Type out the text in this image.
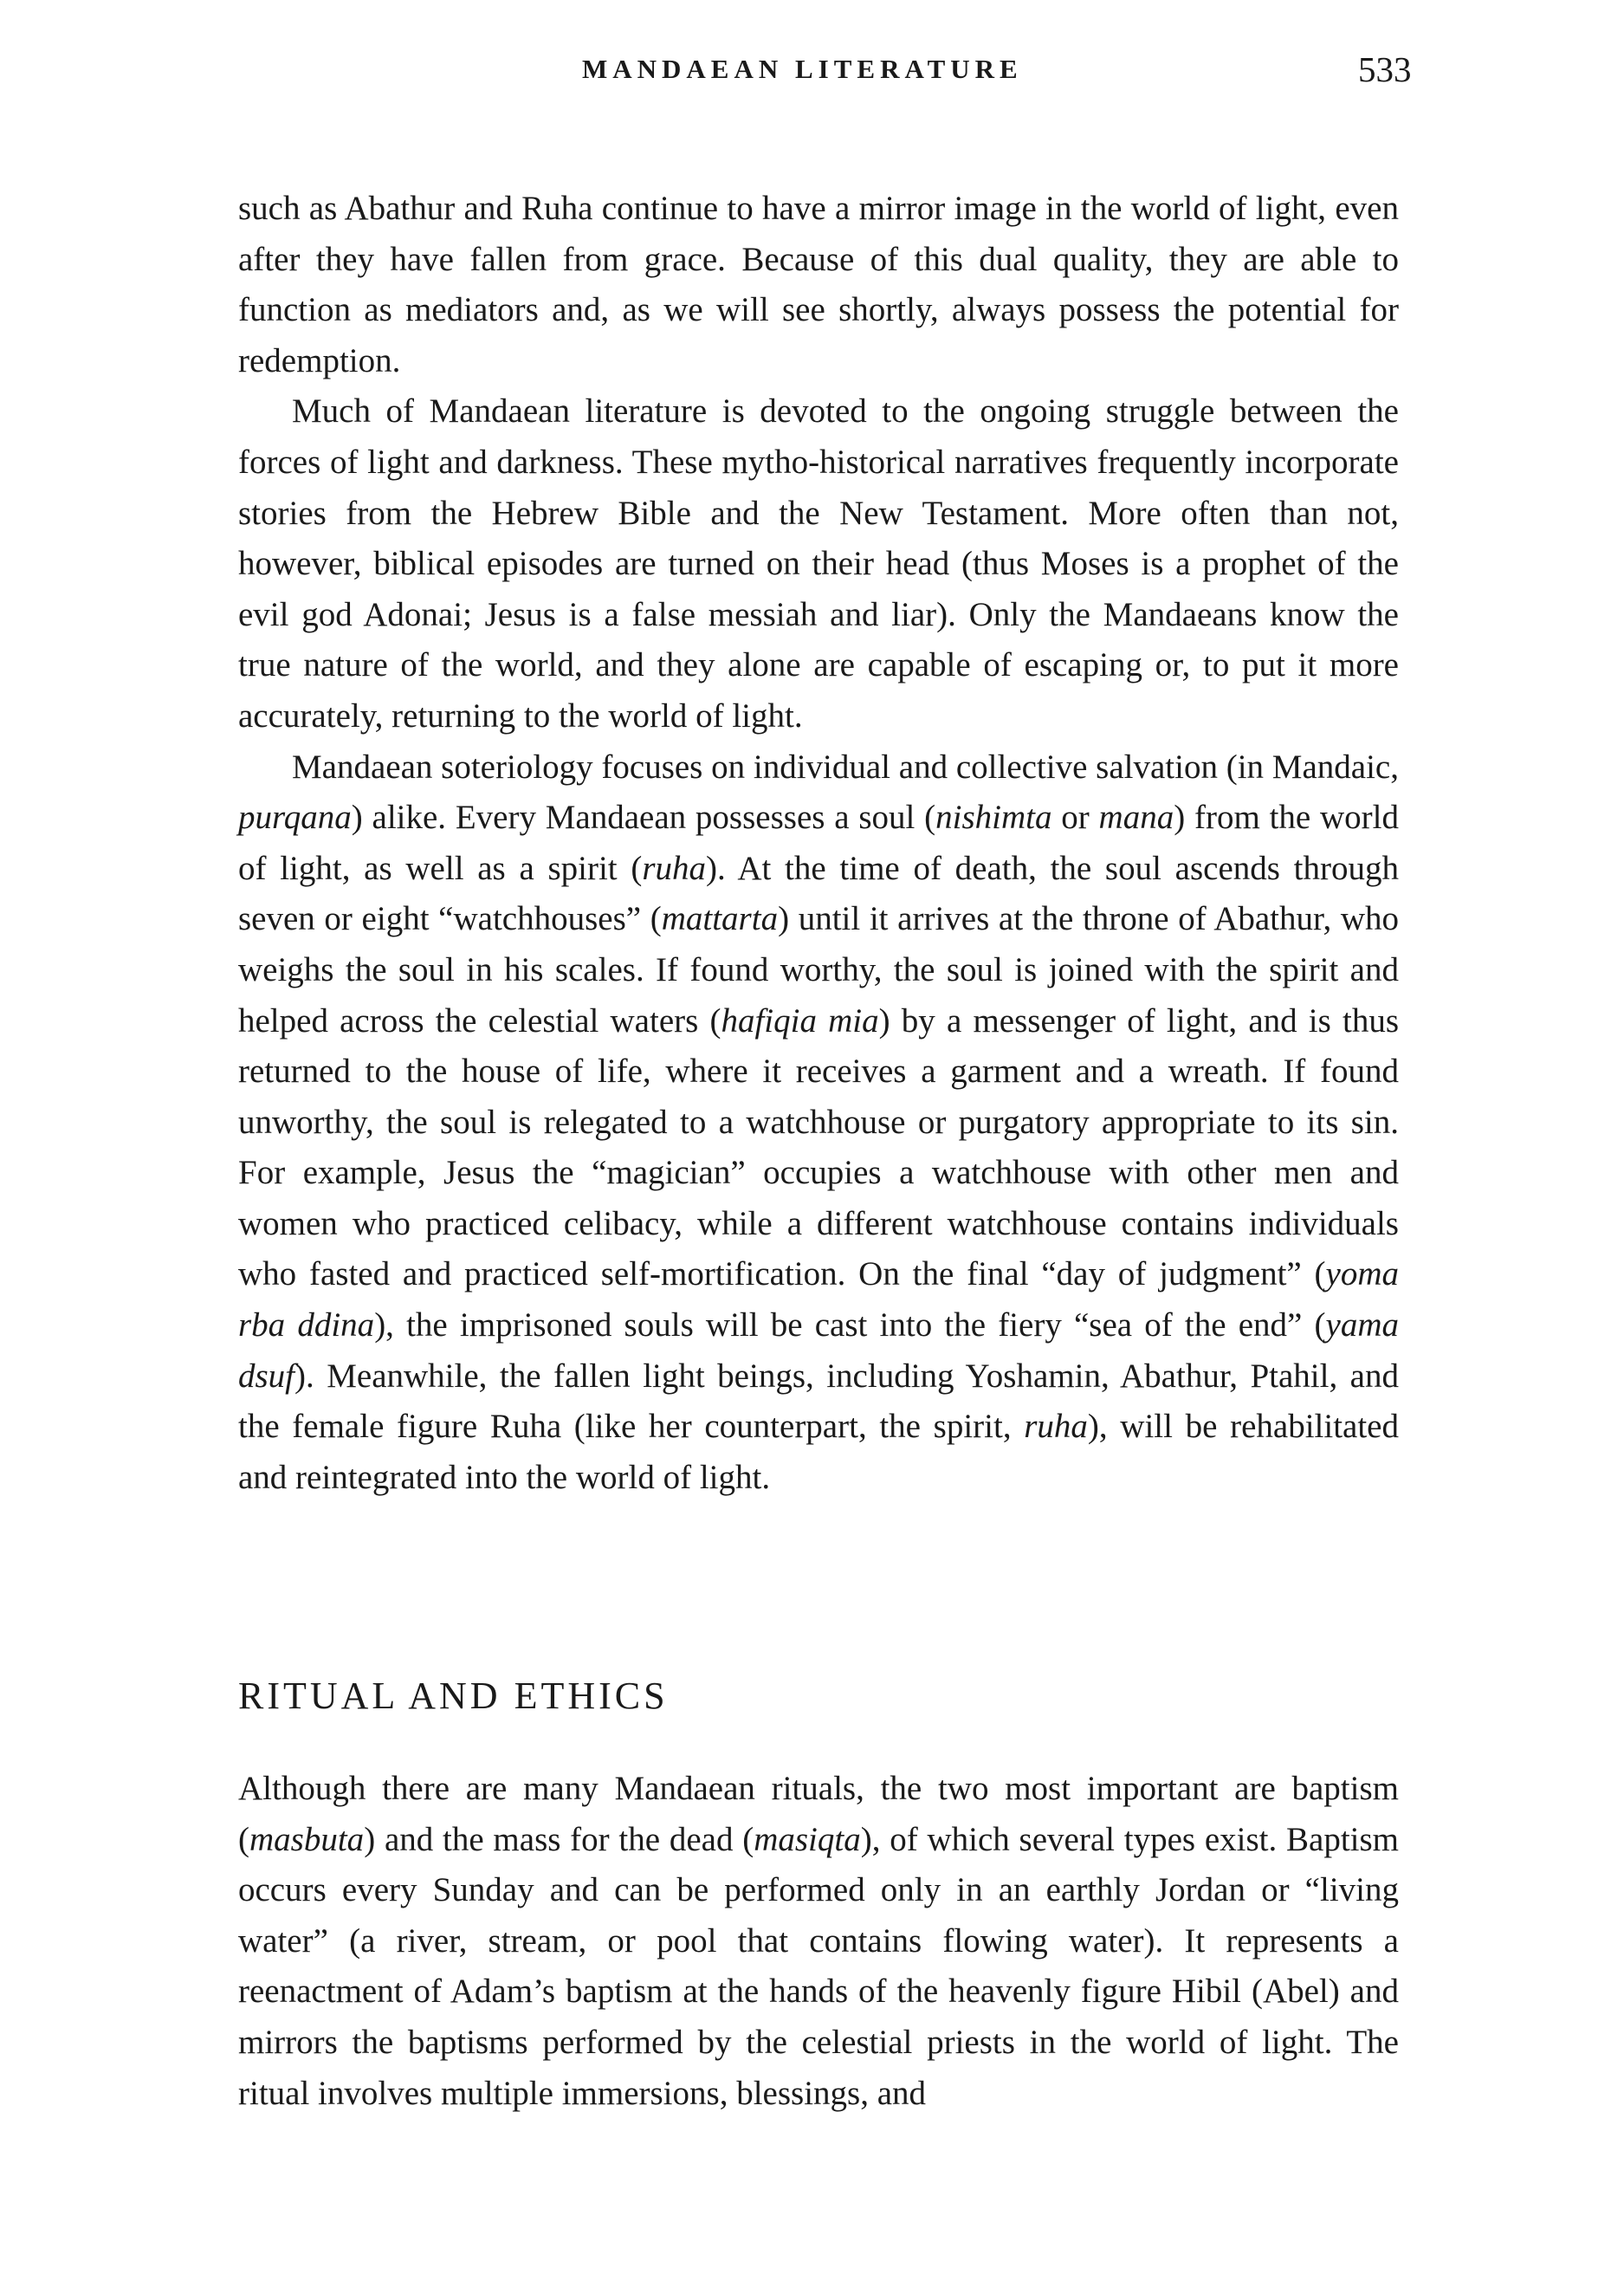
MANDAEAN LITERATURE	533

such as Abathur and Ruha continue to have a mirror image in the world of light, even after they have fallen from grace. Because of this dual quality, they are able to function as mediators and, as we will see shortly, always possess the potential for redemption.

Much of Mandaean literature is devoted to the ongoing struggle between the forces of light and darkness. These mytho-historical narratives frequently incorporate stories from the Hebrew Bible and the New Testament. More often than not, however, biblical episodes are turned on their head (thus Moses is a prophet of the evil god Adonai; Jesus is a false messiah and liar). Only the Mandaeans know the true nature of the world, and they alone are capable of escaping or, to put it more accurately, returning to the world of light.

Mandaean soteriology focuses on individual and collective salvation (in Mandaic, purqana) alike. Every Mandaean possesses a soul (nishimta or mana) from the world of light, as well as a spirit (ruha). At the time of death, the soul ascends through seven or eight “watchhouses” (mattarta) until it arrives at the throne of Abathur, who weighs the soul in his scales. If found worthy, the soul is joined with the spirit and helped across the celestial waters (hafiqia mia) by a messenger of light, and is thus returned to the house of life, where it receives a garment and a wreath. If found unworthy, the soul is relegated to a watchhouse or purgatory appropriate to its sin. For example, Jesus the “magician” occupies a watchhouse with other men and women who practiced celibacy, while a different watchhouse contains individuals who fasted and practiced self-mortification. On the final “day of judgment” (yoma rba ddina), the imprisoned souls will be cast into the fiery “sea of the end” (yama dsuf). Meanwhile, the fallen light beings, including Yoshamin, Abathur, Ptahil, and the female figure Ruha (like her counterpart, the spirit, ruha), will be rehabilitated and reintegrated into the world of light.

RITUAL AND ETHICS

Although there are many Mandaean rituals, the two most important are baptism (masbuta) and the mass for the dead (masiqta), of which several types exist. Baptism occurs every Sunday and can be performed only in an earthly Jordan or “living water” (a river, stream, or pool that contains flowing water). It represents a reenactment of Adam’s baptism at the hands of the heavenly figure Hibil (Abel) and mirrors the baptisms performed by the celestial priests in the world of light. The ritual involves multiple immersions, blessings, and
